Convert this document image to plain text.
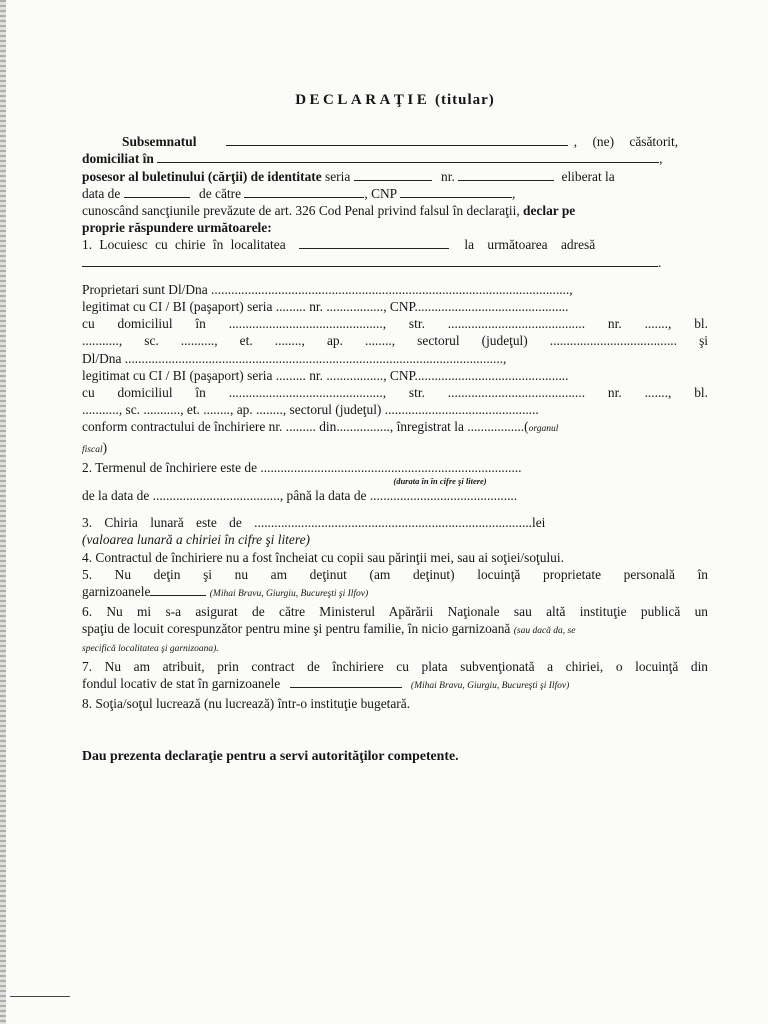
DECLARAŢIE (titular)
Subsemnatul	, (ne) căsătorit,
domiciliat în	,
posesor al buletinului (cărţii) de identitate seria	nr.	eliberat la
data de	de către	, CNP	,
cunoscând sancţiunile prevăzute de art. 326 Cod Penal privind falsul în declaraţii, declar pe
proprie răspundere următoarele:
1. Locuiesc cu chirie în localitatea	la următoarea adresă
.
Proprietari sunt Dl/Dna ...........................................................................................................,
legitimat cu CI / BI (paşaport) seria ......... nr. ................., CNP..............................................
cu domiciliul în .............................................., str. ......................................... nr. ......., bl.
..........., sc. .........., et. ........, ap. ........, sectorul (judeţul) ...................................... şi
Dl/Dna .................................................................................................................,
legitimat cu CI / BI (paşaport) seria ......... nr. ................., CNP..............................................
cu domiciliul în .............................................., str. ......................................... nr. ......., bl.
..........., sc. ..........., et. ........, ap. ........, sectorul (judeţul) ..............................................
conform contractului de închiriere nr. ......... din................, înregistrat la .................(organul
fiscal)
2. Termenul de închiriere este de ..............................................................................
(durata în în cifre şi litere)
de la data de ......................................, până la data de ............................................
3. Chiria lunară este de ...................................................................................lei
(valoarea lunară a chiriei în cifre şi litere)
4. Contractul de închiriere nu a fost încheiat cu copii sau părinţii mei, sau ai soţiei/soţului.
5. Nu deţin şi nu am deţinut (am deţinut) locuinţă proprietate personală în
garnizoanele	(Mihai Bravu, Giurgiu, Bucureşti şi Ilfov)
6. Nu mi s-a asigurat de către Ministerul Apărării Naţionale sau altă instituţie publică un
spaţiu de locuit corespunzător pentru mine şi pentru familie, în nicio garnizoană (sau dacă da, se
specifică localitatea şi garnizoana).
7. Nu am atribuit, prin contract de închiriere cu plata subvenţionată a chiriei, o locuinţă din
fondul locativ de stat în garnizoanele	(Mihai Bravu, Giurgiu, Bucureşti şi Ilfov)
8. Soţia/soţul lucrează (nu lucrează) într-o instituţie bugetară.
Dau prezenta declaraţie pentru a servi autorităţilor competente.
